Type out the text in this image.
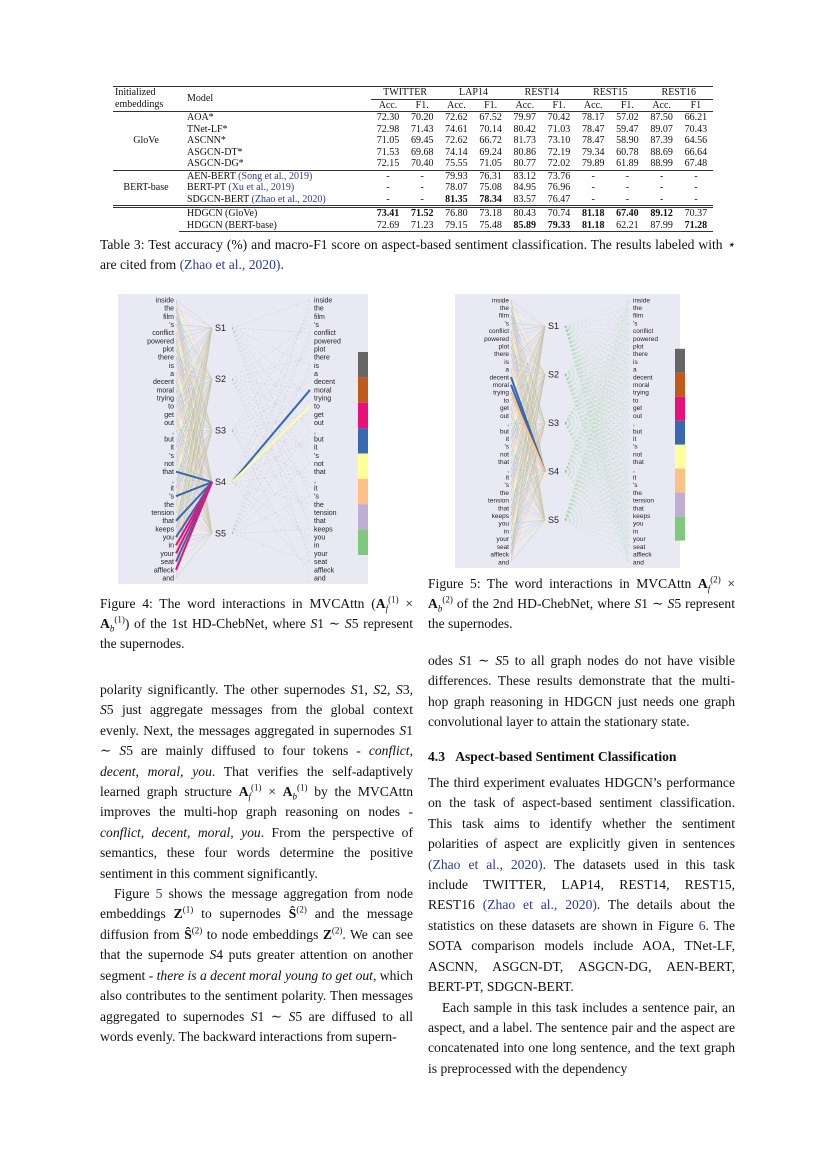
Initialized embeddings	Model	TWITTER		LAP14		REST14		REST15		REST16	
		Acc.	F1.	Acc.	F1.	Acc.	F1.	Acc.	F1.	Acc.	F1
GloVe	AOA*	72.30	70.20	72.62	67.52	79.97	70.42	78.17	57.02	87.50	66.21
	TNet-LF*	72.98	71.43	74.61	70.14	80.42	71.03	78.47	59.47	89.07	70.43
	ASCNN*	71.05	69.45	72.62	66.72	81.73	73.10	78.47	58.90	87.39	64.56
	ASGCN-DT*	71.53	69.68	74.14	69.24	80.86	72.19	79.34	60.78	88.69	66.64
	ASGCN-DG*	72.15	70.40	75.55	71.05	80.77	72.02	79.89	61.89	88.99	67.48
BERT-base	AEN-BERT (Song et al., 2019)	-	-	79.93	76.31	83.12	73.76	-	-	-	-
	BERT-PT (Xu et al., 2019)	-	-	78.07	75.08	84.95	76.96	-	-	-	-
	SDGCN-BERT (Zhao et al., 2020)	-	-	81.35	78.34	83.57	76.47	-	-	-	-
	HDGCN (GloVe)	73.41	71.52	76.80	73.18	80.43	70.74	81.18	67.40	89.12	70.37
	HDGCN (BERT-base)	72.69	71.23	79.15	75.48	85.89	79.33	81.18	62.21	87.99	71.28
Table 3: Test accuracy (%) and macro-F1 score on aspect-based sentiment classification. The results labeled with ⋆ are cited from (Zhao et al., 2020).
inside	inside
the	the
film	film
's	's
conflict	conflict
powered	powered
plot	plot
there	there
is	is
a	a
decent	decent
moral	moral
trying	trying
to	to
get	get
out	out
,	,
but	but
it	it
's	's
not	not
that	that
,	,
it	it
's	's
the	the
tension	tension
that	that
keeps	keeps
you	you
in	in
your	your
seat	seat
affleck	affleck
and	and
S1
S2
S3
S4
S5
inside	inside
the	the
film	film
's	's
conflict	conflict
powered	powered
plot	plot
there	there
is	is
a	a
decent	decent
moral	moral
trying	trying
to	to
get	get
out	out
,	,
but	but
it	it
's	's
not	not
that	that
,	,
it	it
's	's
the	the
tension	tension
that	that
keeps	keeps
you	you
in	in
your	your
seat	seat
affleck	affleck
and	and
S1
S2
S3
S4
S5
Figure 4: The word interactions in MVCAttn $(A_f^{(1)} \times A_b^{(1)})$ of the 1st HD-ChebNet, where S1 ∼ S5 represent the supernodes.
Figure 5: The word interactions in MVCAttn $A_f^{(2)} \times A_b^{(2)}$ of the 2nd HD-ChebNet, where S1 ∼ S5 represent the supernodes.

polarity significantly. The other supernodes S1, S2, S3, S5 just aggregate messages from the global context evenly. Next, the messages aggregated in supernodes S1 ∼ S5 are mainly diffused to four tokens - conflict, decent, moral, you. That verifies the self-adaptively learned graph structure $A_f^{(1)} \times A_b^{(1)}$ by the MVCAttn improves the multi-hop graph reasoning on nodes - conflict, decent, moral, you. From the perspective of semantics, these four words determine the positive sentiment in this comment significantly.

Figure 5 shows the message aggregation from node embeddings $Z^{(1)}$ to supernodes $Ŝ^{(2)}$ and the message diffusion from $Ŝ^{(2)}$ to node embeddings $Z^{(2)}$. We can see that the supernode S4 puts greater attention on another segment - there is a decent moral young to get out, which also contributes to the sentiment polarity. Then messages aggregated to supernodes S1 ∼ S5 are diffused to all words evenly. The backward interactions from supern-

odes S1 ∼ S5 to all graph nodes do not have visible differences. These results demonstrate that the multi-hop graph reasoning in HDGCN just needs one graph convolutional layer to attain the stationary state.

4.3 Aspect-based Sentiment Classification

The third experiment evaluates HDGCN’s performance on the task of aspect-based sentiment classification. This task aims to identify whether the sentiment polarities of aspect are explicitly given in sentences (Zhao et al., 2020). The datasets used in this task include TWITTER, LAP14, REST14, REST15, REST16 (Zhao et al., 2020). The details about the statistics on these datasets are shown in Figure 6. The SOTA comparison models include AOA, TNet-LF, ASCNN, ASGCN-DT, ASGCN-DG, AEN-BERT, BERT-PT, SDGCN-BERT.

Each sample in this task includes a sentence pair, an aspect, and a label. The sentence pair and the aspect are concatenated into one long sentence, and the text graph is preprocessed with the dependency
